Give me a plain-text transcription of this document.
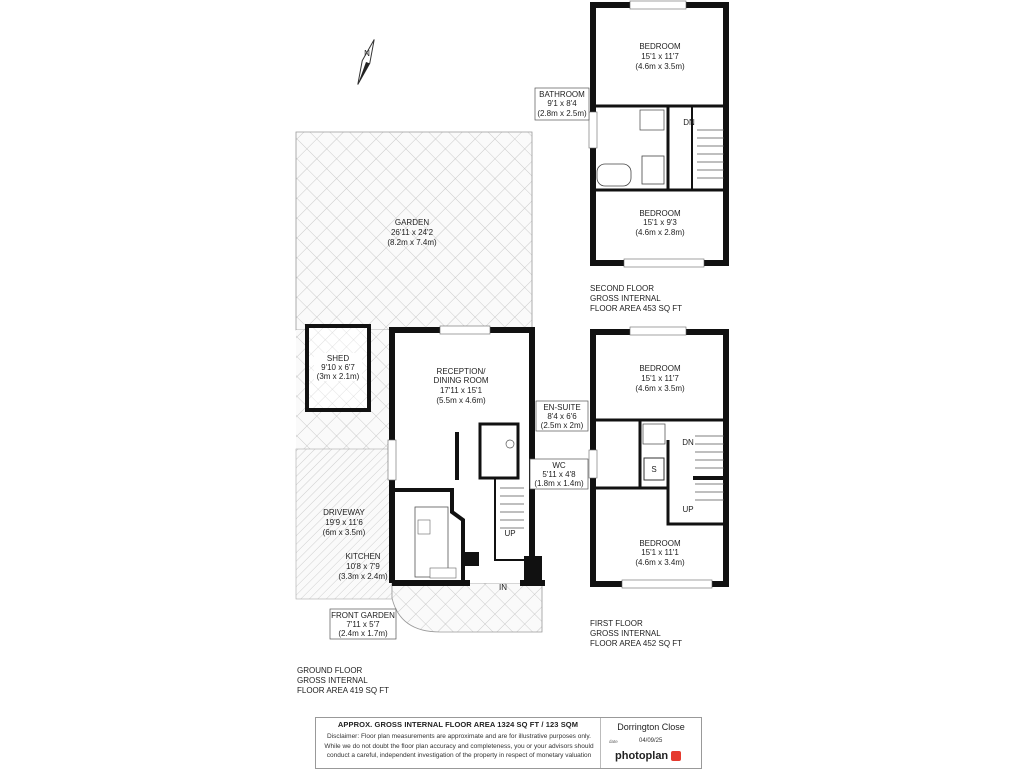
N
GARDEN
26'11 x 24'2
(8.2m x 7.4m)
SHED
9'10 x 6'7
(3m x 2.1m)
RECEPTION/
DINING ROOM
17'11 x 15'1
(5.5m x 4.6m)
DRIVEWAY
19'9 x 11'6
(6m x 3.5m)
KITCHEN
10'8 x 7'9
(3.3m x 2.4m)
WC
5'11 x 4'8
(1.8m x 1.4m)
FRONT GARDEN
7'11 x 5'7
(2.4m x 1.7m)
EN-SUITE
8'4 x 6'6
(2.5m x 2m)
BEDROOM
15'1 x 11'7
(4.6m x 3.5m)
BEDROOM
15'1 x 11'1
(4.6m x 3.4m)
BEDROOM
15'1 x 11'7
(4.6m x 3.5m)
BEDROOM
15'1 x 9'3
(4.6m x 2.8m)
BATHROOM
9'1 x 8'4
(2.8m x 2.5m)
UP
IN
DN
UP
S
DN
GROUND FLOOR
GROSS INTERNAL
FLOOR AREA 419 SQ FT
FIRST FLOOR
GROSS INTERNAL
FLOOR AREA 452 SQ FT
SECOND FLOOR
GROSS INTERNAL
FLOOR AREA 453 SQ FT
APPROX. GROSS INTERNAL FLOOR AREA 1324 SQ FT / 123 SQM
Disclaimer: Floor plan measurements are approximate and are for illustrative purposes only. While we do not doubt the floor plan accuracy and completeness, you or your advisors should conduct a careful, independent investigation of the property in respect of monetary valuation
Dorrington Close
date	04/09/25
photoplan
